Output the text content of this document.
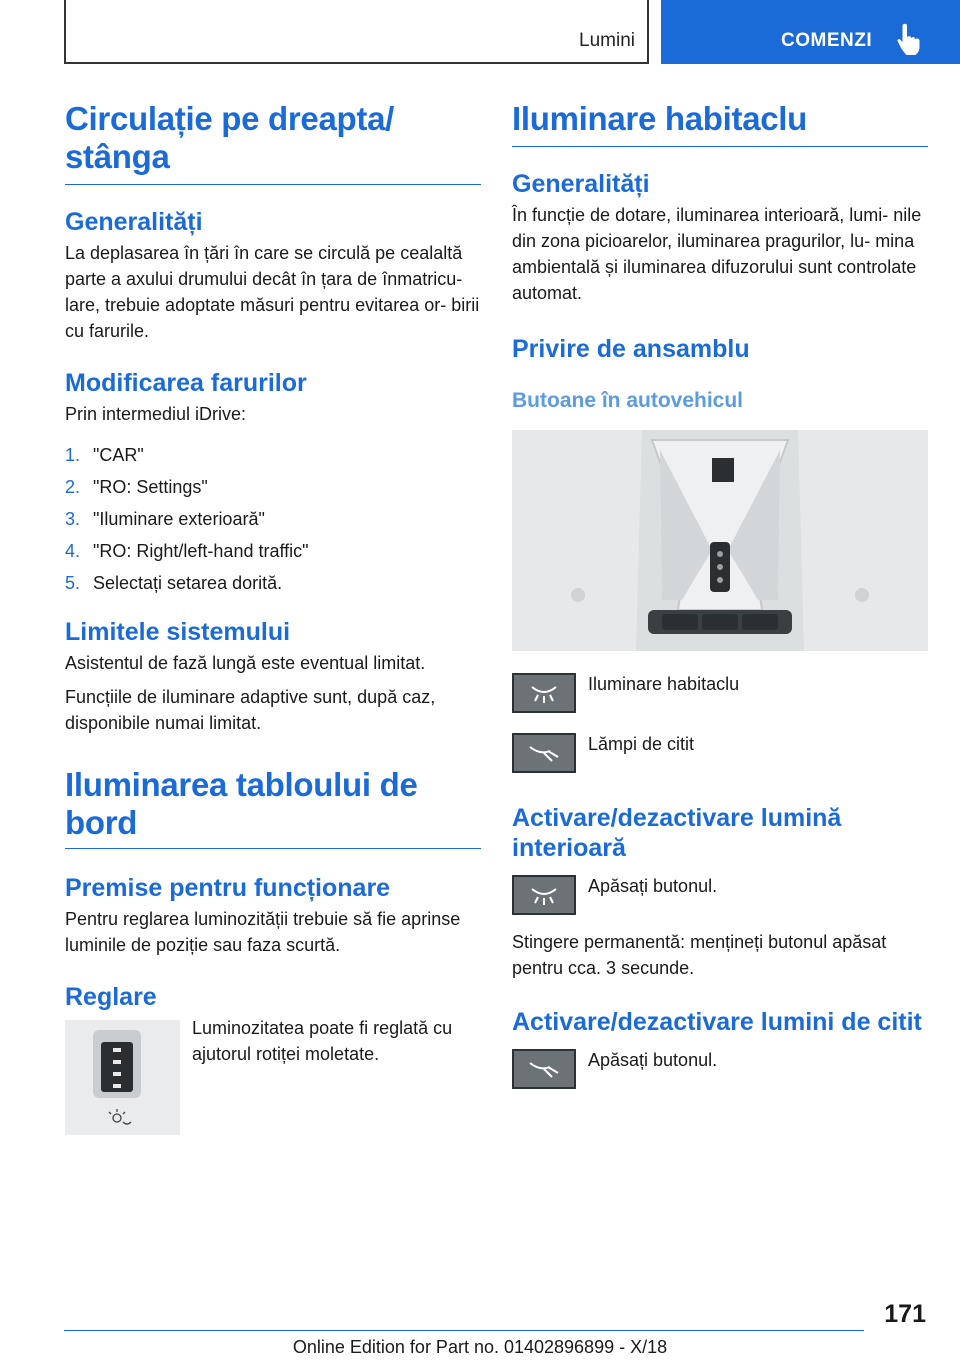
Lumini	COMENZI
Circulație pe dreapta/ stânga
Generalități
La deplasarea în țări în care se circulă pe cealaltă parte a axului drumului decât în țara de înmatricu‐ lare, trebuie adoptate măsuri pentru evitarea or‐ birii cu farurile.
Modificarea farurilor
Prin intermediul iDrive:
1. "CAR"
2. "RO: Settings"
3. "Iluminare exterioară"
4. "RO: Right/left-hand traffic"
5. Selectați setarea dorită.
Limitele sistemului
Asistentul de fază lungă este eventual limitat.
Funcțiile de iluminare adaptive sunt, după caz, disponibile numai limitat.
Iluminarea tabloului de bord
Premise pentru funcționare
Pentru reglarea luminozității trebuie să fie aprinse luminile de poziție sau faza scurtă.
Reglare
Luminozitatea poate fi reglată cu ajutorul rotiței moletate.
Iluminare habitaclu
Generalități
În funcție de dotare, iluminarea interioară, lumi‐ nile din zona picioarelor, iluminarea pragurilor, lu‐ mina ambientală și iluminarea difuzorului sunt controlate automat.
Privire de ansamblu
Butoane în autovehicul
Iluminare habitaclu
Lămpi de citit
Activare/dezactivare lumină interioară
Apăsați butonul.
Stingere permanentă: mențineți butonul apăsat pentru cca. 3 secunde.
Activare/dezactivare lumini de citit
Apăsați butonul.
171
Online Edition for Part no. 01402896899 - X/18
